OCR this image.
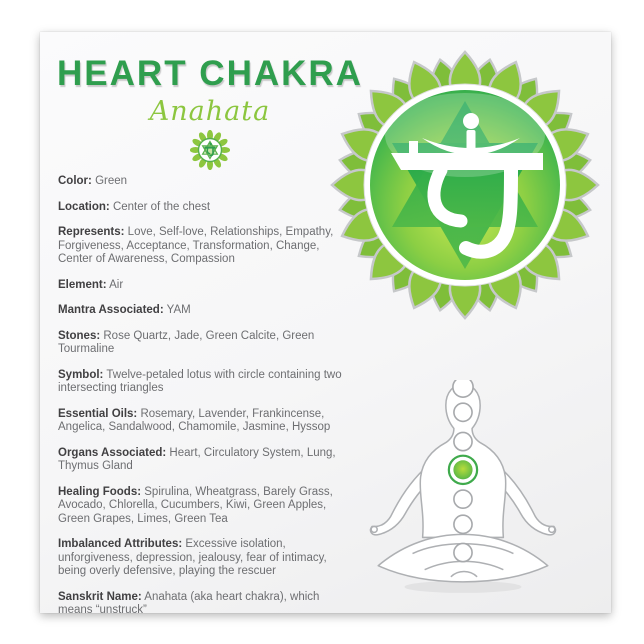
HEART CHAKRA
Anahata

Color: Green

Location: Center of the chest

Represents: Love, Self-love, Relationships, Empathy, Forgiveness, Acceptance, Transformation, Change, Center of Awareness, Compassion

Element: Air

Mantra Associated: YAM

Stones: Rose Quartz, Jade, Green Calcite, Green Tourmaline

Symbol: Twelve-petaled lotus with circle containing two intersecting triangles

Essential Oils: Rosemary, Lavender, Frankincense, Angelica, Sandalwood, Chamomile, Jasmine, Hyssop

Organs Associated: Heart, Circulatory System, Lung, Thymus Gland

Healing Foods: Spirulina, Wheatgrass, Barely Grass, Avocado, Chlorella, Cucumbers, Kiwi, Green Apples, Green Grapes, Limes, Green Tea

Imbalanced Attributes: Excessive isolation, unforgiveness, depression, jealousy, fear of intimacy, being overly defensive, playing the rescuer

Sanskrit Name: Anahata (aka heart chakra), which means “unstruck”
